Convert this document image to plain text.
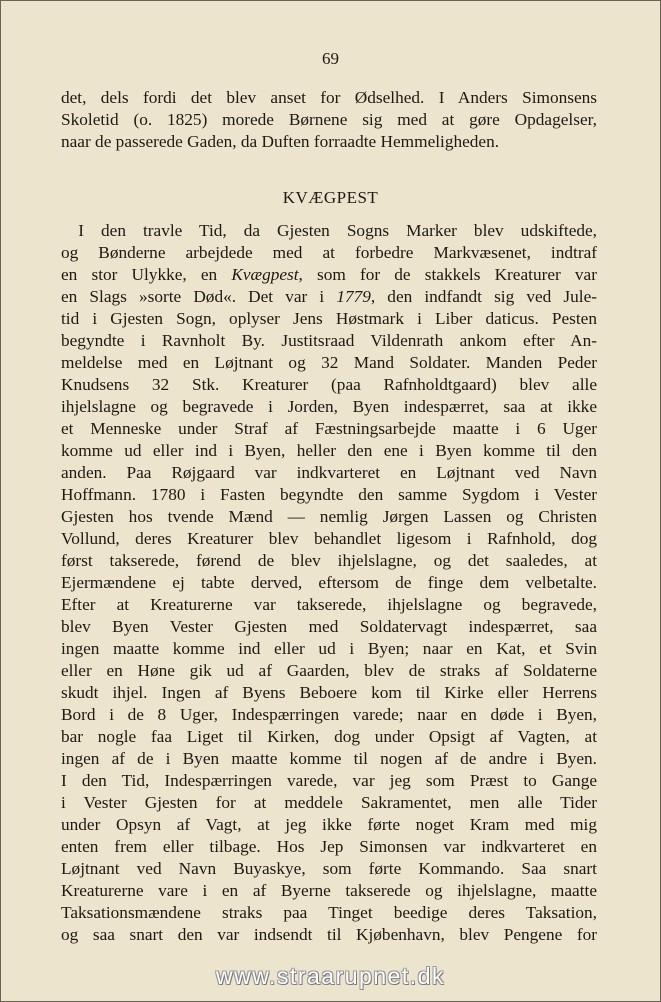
69
det, dels fordi det blev anset for Ødselhed. I Anders Simonsens
Skoletid (o. 1825) morede Børnene sig med at gøre Opdagelser,
naar de passerede Gaden, da Duften forraadte Hemmeligheden.
KVÆGPEST
 I den travle Tid, da Gjesten Sogns Marker blev udskiftede,
og Bønderne arbejdede med at forbedre Markvæsenet, indtraf
en stor Ulykke, en Kvægpest, som for de stakkels Kreaturer var
en Slags »sorte Død«. Det var i 1779, den indfandt sig ved Jule-
tid i Gjesten Sogn, oplyser Jens Høstmark i Liber daticus. Pesten
begyndte i Ravnholt By. Justitsraad Vildenrath ankom efter An-
meldelse med en Løjtnant og 32 Mand Soldater. Manden Peder
Knudsens 32 Stk. Kreaturer (paa Rafnholdtgaard) blev alle
ihjelslagne og begravede i Jorden, Byen indespærret, saa at ikke
et Menneske under Straf af Fæstningsarbejde maatte i 6 Uger
komme ud eller ind i Byen, heller den ene i Byen komme til den
anden. Paa Røjgaard var indkvarteret en Løjtnant ved Navn
Hoffmann. 1780 i Fasten begyndte den samme Sygdom i Vester
Gjesten hos tvende Mænd — nemlig Jørgen Lassen og Christen
Vollund, deres Kreaturer blev behandlet ligesom i Rafnhold, dog
først takserede, førend de blev ihjelslagne, og det saaledes, at
Ejermændene ej tabte derved, eftersom de finge dem velbetalte.
Efter at Kreaturerne var takserede, ihjelslagne og begravede,
blev Byen Vester Gjesten med Soldatervagt indespærret, saa
ingen maatte komme ind eller ud i Byen; naar en Kat, et Svin
eller en Høne gik ud af Gaarden, blev de straks af Soldaterne
skudt ihjel. Ingen af Byens Beboere kom til Kirke eller Herrens
Bord i de 8 Uger, Indespærringen varede; naar en døde i Byen,
bar nogle faa Liget til Kirken, dog under Opsigt af Vagten, at
ingen af de i Byen maatte komme til nogen af de andre i Byen.
I den Tid, Indespærringen varede, var jeg som Præst to Gange
i Vester Gjesten for at meddele Sakramentet, men alle Tider
under Opsyn af Vagt, at jeg ikke førte noget Kram med mig
enten frem eller tilbage. Hos Jep Simonsen var indkvarteret en
Løjtnant ved Navn Buyaskye, som førte Kommando. Saa snart
Kreaturerne vare i en af Byerne takserede og ihjelslagne, maatte
Taksationsmændene straks paa Tinget beedige deres Taksation,
og saa snart den var indsendt til Kjøbenhavn, blev Pengene for
www.straarupnet.dk
